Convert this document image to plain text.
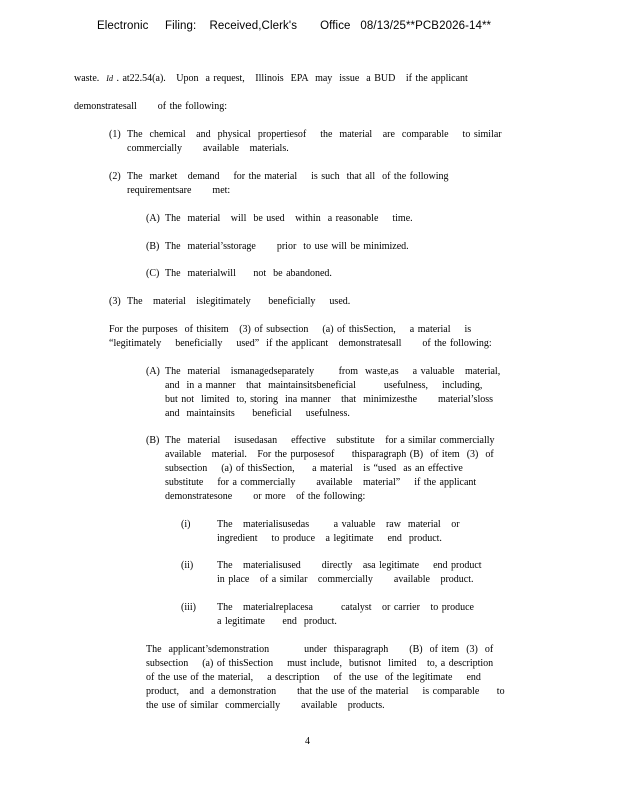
Electronic     Filing:    Received,Clerk's       Office   08/13/25**PCB2026-14**
waste.  Id . at22.54(a).   Upon  a request,   Illinois  EPA  may  issue  a BUD   if the applicant
demonstratesall      of the following:
(1) The  chemical   and  physical  propertiesof    the  material   are  comparable    to similar commercially      available   materials.
(2) The  market   demand    for the material    is such  that all  of the following requirementsare      met:
(A) The  material   will  be used   within  a reasonable    time.
(B) The  material’sstorage      prior  to use will be minimized.
(C) The  materialwill     not  be abandoned.
(3) The   material   islegitimately     beneficially    used.
For the purposes  of thisitem   (3) of subsection    (a) of thisSection,    a material    is “legitimately    beneficially    used”  if the applicant   demonstratesall      of the following:
(A) The  material   ismanagedseparately       from  waste,as    a valuable   material, and  in a manner   that  maintainsitsbeneficial        usefulness,    including,   but not  limited  to, storing  ina manner   that  minimizesthe      material’sloss and  maintainsits     beneficial    usefulness.
(B) The  material    isusedasan    effective   substitute   for a similar commercially      available   material.   For the purposesof     thisparagraph (B)  of item  (3)  of  subsection    (a) of thisSection,     a material   is “used  as an effective    substitute    for a commercially      available   material”    if the applicant    demonstratesone      or more   of the following:
(i)	The   materialisusedas       a valuable   raw  material   or ingredient    to produce   a legitimate    end  product.
(ii) The   materialisused      directly   asa legitimate    end product    in place   of a similar   commercially      available   product.
(iii) The   materialreplacesa        catalyst   or carrier   to produce    a legitimate     end  product.
The  applicant’sdemonstration          under  thisparagraph      (B)  of item  (3)  of subsection    (a) of thisSection    must include,  butisnot  limited   to, a description     of the use of the material,    a description    of  the use  of the legitimate    end product,   and  a demonstration      that the use of the material    is comparable     to the use of similar  commercially      available   products.
4
